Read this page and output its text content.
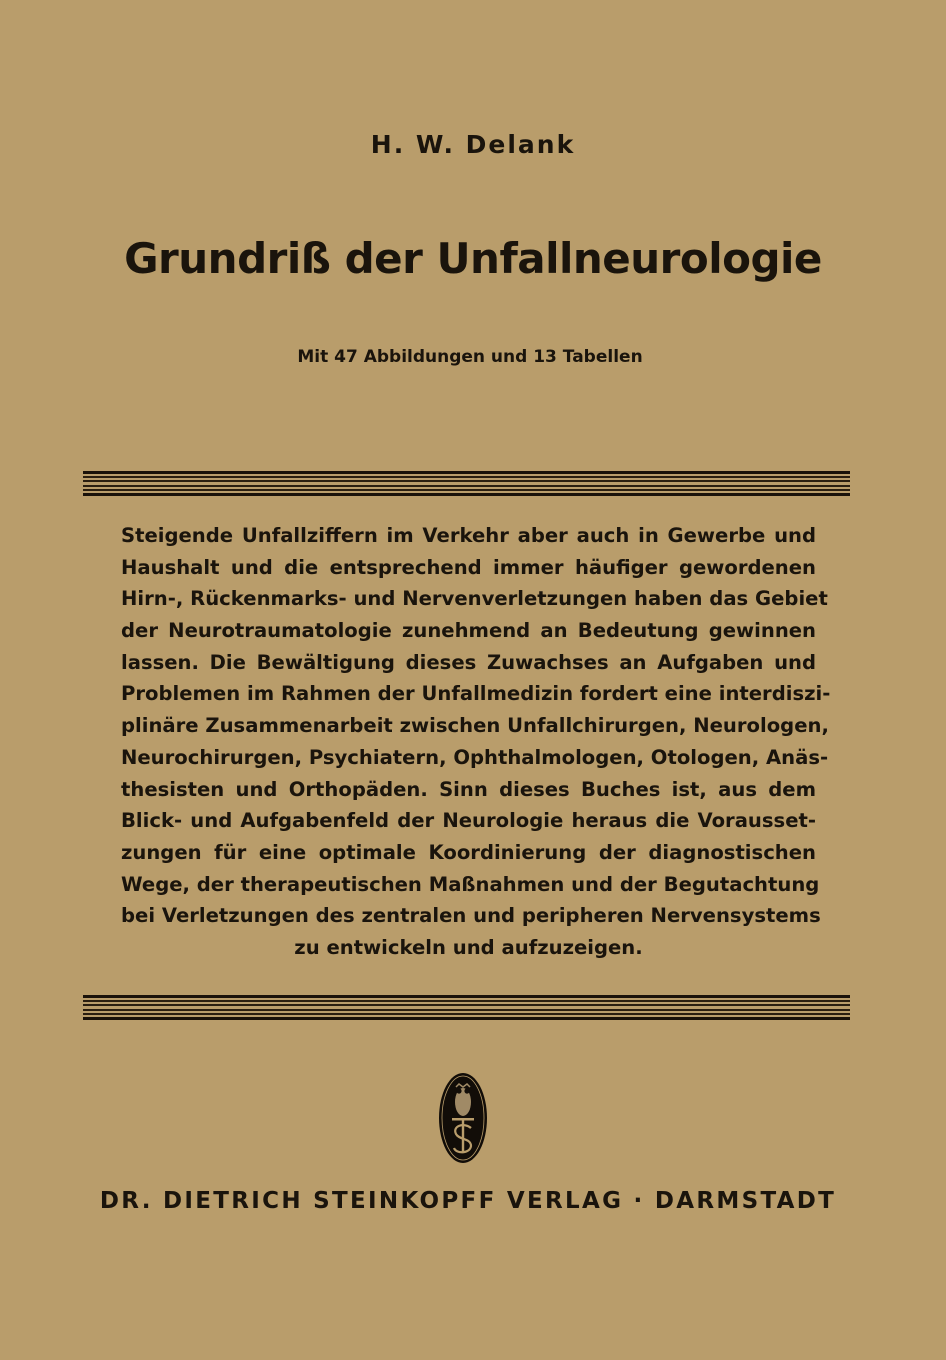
H. W. Delank
Grundriß der Unfallneurologie
Mit 47 Abbildungen und 13 Tabellen
Steigende Unfallziffern im Verkehr aber auch in Gewerbe und
Haushalt und die entsprechend immer häufiger gewordenen
Hirn-, Rückenmarks- und Nervenverletzungen haben das Gebiet
der Neurotraumatologie zunehmend an Bedeutung gewinnen
lassen. Die Bewältigung dieses Zuwachses an Aufgaben und
Problemen im Rahmen der Unfallmedizin fordert eine interdiszi-
plinäre Zusammenarbeit zwischen Unfallchirurgen, Neurologen,
Neurochirurgen, Psychiatern, Ophthalmologen, Otologen, Anäs-
thesisten und Orthopäden. Sinn dieses Buches ist, aus dem
Blick- und Aufgabenfeld der Neurologie heraus die Vorausset-
zungen für eine optimale Koordinierung der diagnostischen
Wege, der therapeutischen Maßnahmen und der Begutachtung
bei Verletzungen des zentralen und peripheren Nervensystems
zu entwickeln und aufzuzeigen.
DR. DIETRICH STEINKOPFF VERLAG · DARMSTADT
